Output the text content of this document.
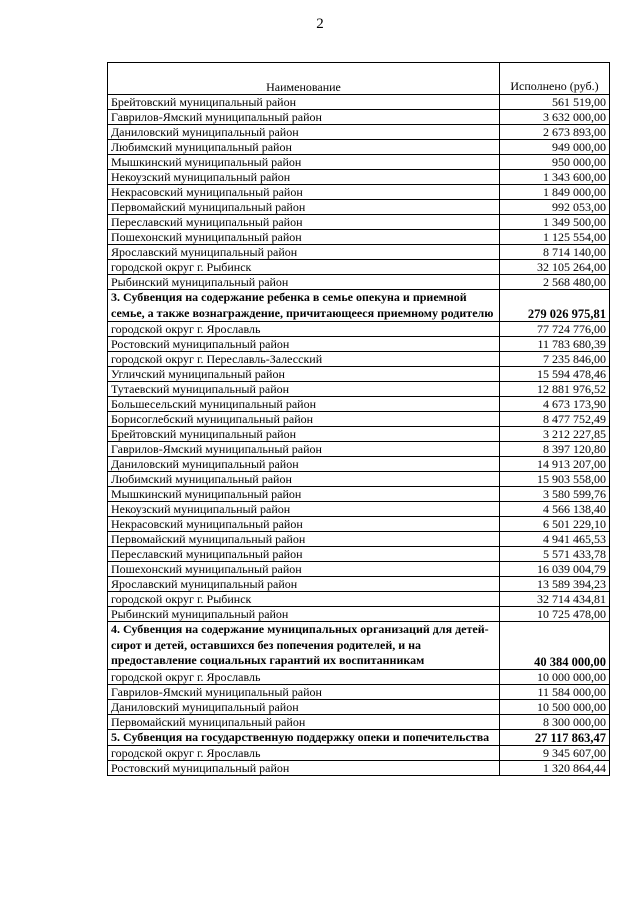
2
Наименование	Исполнено (руб.)
Брейтовский муниципальный район	561 519,00
Гаврилов-Ямский муниципальный район	3 632 000,00
Даниловский муниципальный район	2 673 893,00
Любимский муниципальный район	949 000,00
Мышкинский муниципальный район	950 000,00
Некоузский муниципальный район	1 343 600,00
Некрасовский муниципальный район	1 849 000,00
Первомайский муниципальный район	992 053,00
Переславский муниципальный район	1 349 500,00
Пошехонский муниципальный район	1 125 554,00
Ярославский муниципальный район	8 714 140,00
городской округ г. Рыбинск	32 105 264,00
Рыбинский муниципальный район	2 568 480,00
3. Субвенция на содержание ребенка в семье опекуна и приемной семье, а также вознаграждение, причитающееся приемному родителю	279 026 975,81
городской округ г. Ярославль	77 724 776,00
Ростовский муниципальный район	11 783 680,39
городской округ г. Переславль-Залесский	7 235 846,00
Угличский муниципальный район	15 594 478,46
Тутаевский муниципальный район	12 881 976,52
Большесельский муниципальный район	4 673 173,90
Борисоглебский муниципальный район	8 477 752,49
Брейтовский муниципальный район	3 212 227,85
Гаврилов-Ямский муниципальный район	8 397 120,80
Даниловский муниципальный район	14 913 207,00
Любимский муниципальный район	15 903 558,00
Мышкинский муниципальный район	3 580 599,76
Некоузский муниципальный район	4 566 138,40
Некрасовский муниципальный район	6 501 229,10
Первомайский муниципальный район	4 941 465,53
Переславский муниципальный район	5 571 433,78
Пошехонский муниципальный район	16 039 004,79
Ярославский муниципальный район	13 589 394,23
городской округ г. Рыбинск	32 714 434,81
Рыбинский муниципальный район	10 725 478,00
4. Субвенция на содержание муниципальных организаций для детей-сирот и детей, оставшихся без попечения родителей, и на предоставление социальных гарантий их воспитанникам	40 384 000,00
городской округ г. Ярославль	10 000 000,00
Гаврилов-Ямский муниципальный район	11 584 000,00
Даниловский муниципальный район	10 500 000,00
Первомайский муниципальный район	8 300 000,00
5. Субвенция на государственную поддержку опеки и попечительства	27 117 863,47
городской округ г. Ярославль	9 345 607,00
Ростовский муниципальный район	1 320 864,44
